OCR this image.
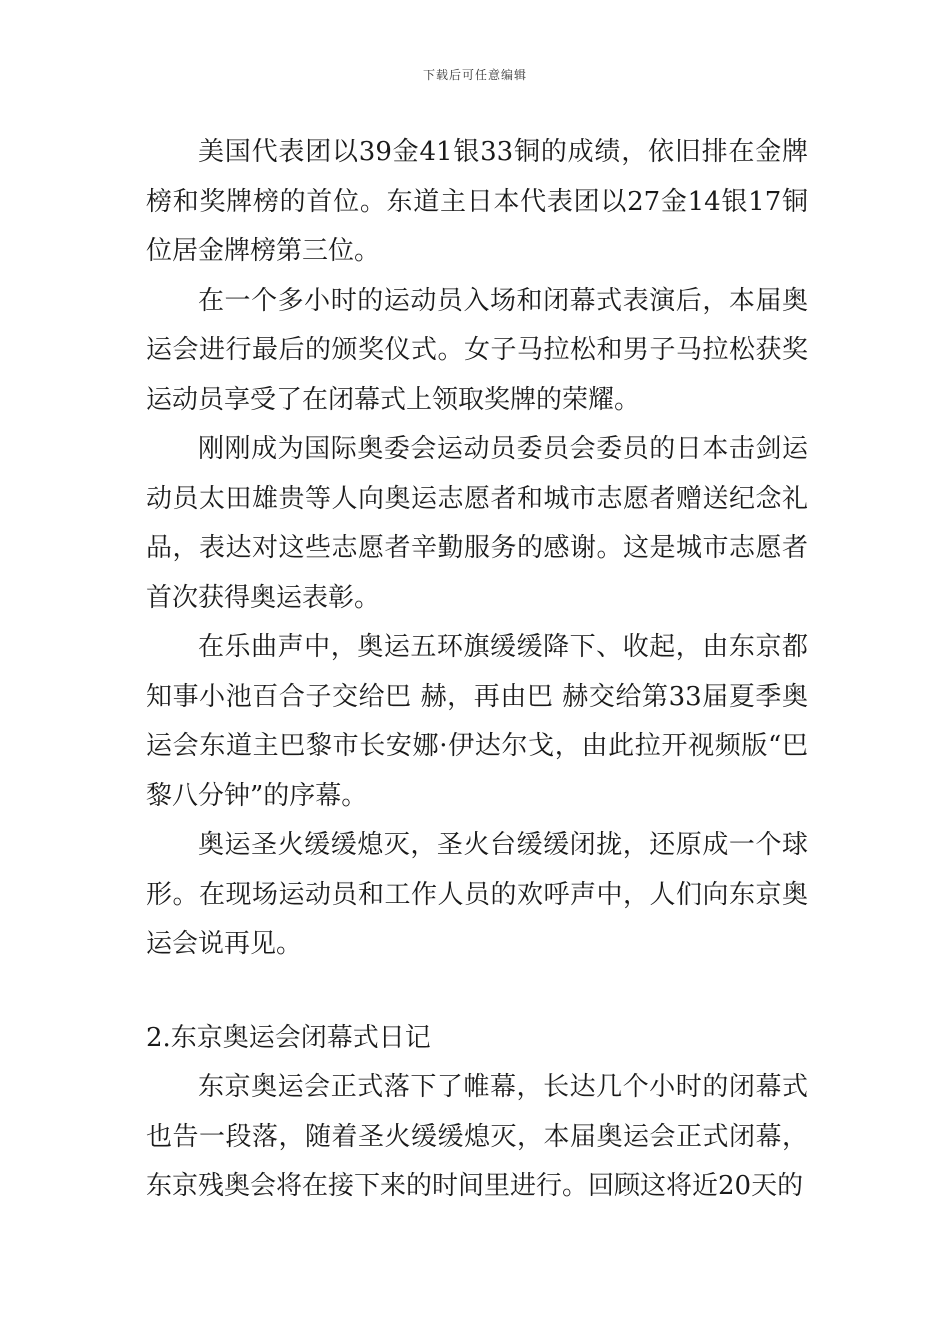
下载后可任意编辑

美国代表团以39金41银33铜的成绩，依旧排在金牌榜和奖牌榜的首位。东道主日本代表团以27金14银17铜位居金牌榜第三位。

在一个多小时的运动员入场和闭幕式表演后，本届奥运会进行最后的颁奖仪式。女子马拉松和男子马拉松获奖运动员享受了在闭幕式上领取奖牌的荣耀。

刚刚成为国际奥委会运动员委员会委员的日本击剑运动员太田雄贵等人向奥运志愿者和城市志愿者赠送纪念礼品，表达对这些志愿者辛勤服务的感谢。这是城市志愿者首次获得奥运表彰。

在乐曲声中，奥运五环旗缓缓降下、收起，由东京都知事小池百合子交给巴 赫，再由巴 赫交给第33届夏季奥运会东道主巴黎市长安娜·伊达尔戈，由此拉开视频版“巴黎八分钟”的序幕。

奥运圣火缓缓熄灭，圣火台缓缓闭拢，还原成一个球形。在现场运动员和工作人员的欢呼声中，人们向东京奥运会说再见。

2.东京奥运会闭幕式日记

东京奥运会正式落下了帷幕，长达几个小时的闭幕式也告一段落，随着圣火缓缓熄灭，本届奥运会正式闭幕，东京残奥会将在接下来的时间里进行。回顾这将近20天的
